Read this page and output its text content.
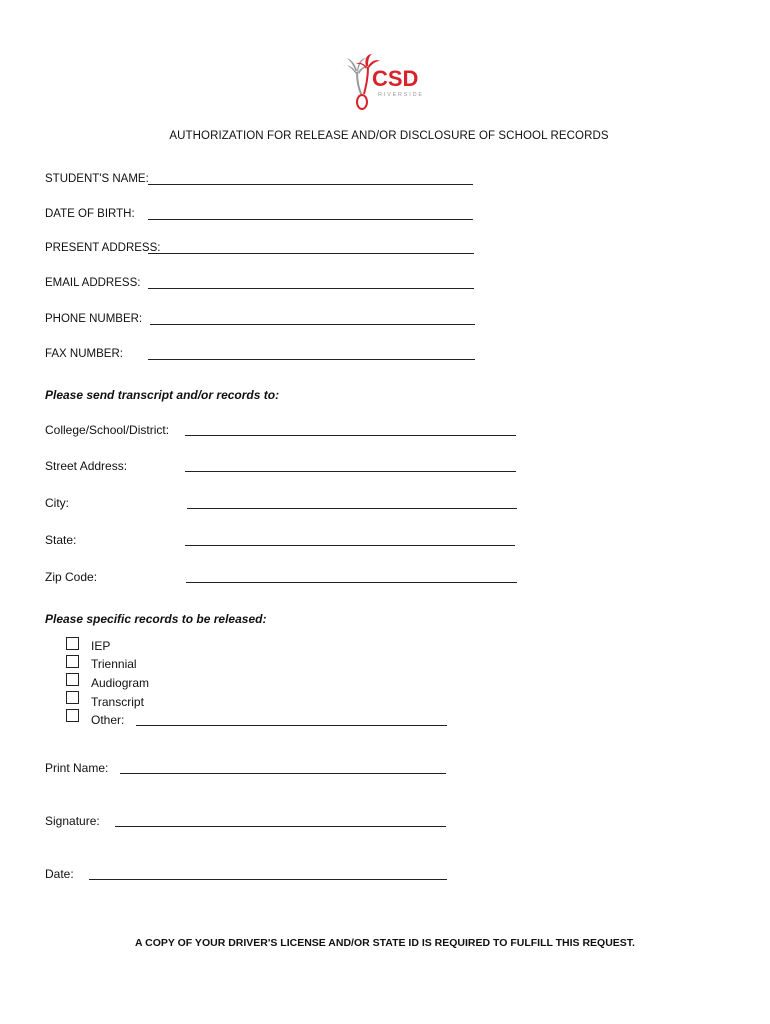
CSD
RIVERSIDE
AUTHORIZATION FOR RELEASE AND/OR DISCLOSURE OF SCHOOL RECORDS
STUDENT'S NAME:
DATE OF BIRTH:
PRESENT ADDRESS:
EMAIL ADDRESS:
PHONE NUMBER:
FAX NUMBER:
Please send transcript and/or records to:
College/School/District:
Street Address:
City:
State:
Zip Code:
Please specific records to be released:
IEP
Triennial
Audiogram
Transcript
Other:
Print Name:
Signature:
Date:
A COPY OF YOUR DRIVER'S LICENSE AND/OR STATE ID IS REQUIRED TO FULFILL THIS REQUEST.
